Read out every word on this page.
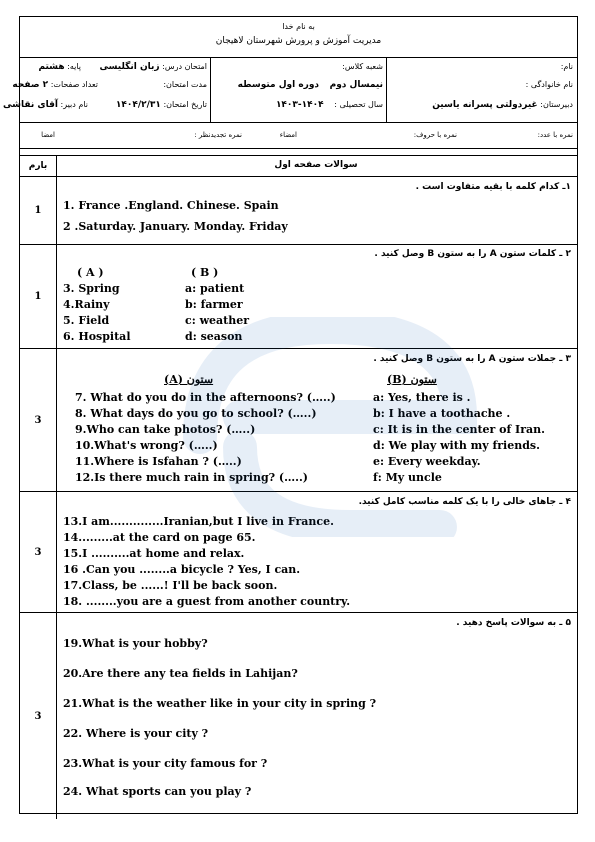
به نام خدا
مدیریت آموزش و پرورش شهرستان لاهیجان
نام:
نام خانوادگی :
دبیرستان: غیردولتی پسرانه یاسین
شعبه کلاس:
نیمسال دوم دوره اول متوسطه
سال تحصیلی : ۱۴۰۴-۱۴۰۳
امتحان درس: زبان انگلیسی
پایه: هشتم
مدت امتحان:
تعداد صفحات: ۲ صفحه
تاریخ امتحان: ۱۴۰۴/۲/۳۱
نام دبیر: آقای نقاشی
نمره با عدد:
نمره با حروف:
امضاء
نمره تجدیدنظر :
امضا
سوالات صفحه اول
بارم
1
۱ـ کدام کلمه با بقیه متفاوت است .
1. France .England. Chinese. Spain
2 .Saturday. January. Monday. Friday
1
۲ ـ کلمات ستون A را به ستون B وصل کنید .
( A )	( B )
3. Spring
4.Rainy
5. Field
6. Hospital
a: patient
b: farmer
c: weather
d: season
3
۳ ـ جملات ستون A را به ستون B وصل کنید .
ستون (A)	ستون (B)
7. What do you do in the afternoons? (…..)
8. What days do you go to school? (…..)
9.Who can take photos? (…..)
10.What's wrong? (…..)
11.Where is Isfahan ? (…..)
12.Is there much rain in spring? (…..)
a: Yes, there is .
b: I have a toothache .
c: It is in the center of Iran.
d: We play with my friends.
e: Every weekday.
f: My uncle
3
۴ ـ جاهای خالی را با یک کلمه مناسب کامل کنید.
13.I am..............Iranian,but I live in France.
14.........at the card on page 65.
15.I ..........at home and relax.
16 .Can you ........a bicycle ? Yes, I can.
17.Class, be ......! I'll be back soon.
18. ........you are a guest from another country.
3
۵ ـ به سوالات پاسخ دهید .
19.What is your hobby?
20.Are there any tea fields in Lahijan?
21.What is the weather like in your city in spring ?
22. Where is your city ?
23.What is your city famous for ?
24. What sports can you play ?
